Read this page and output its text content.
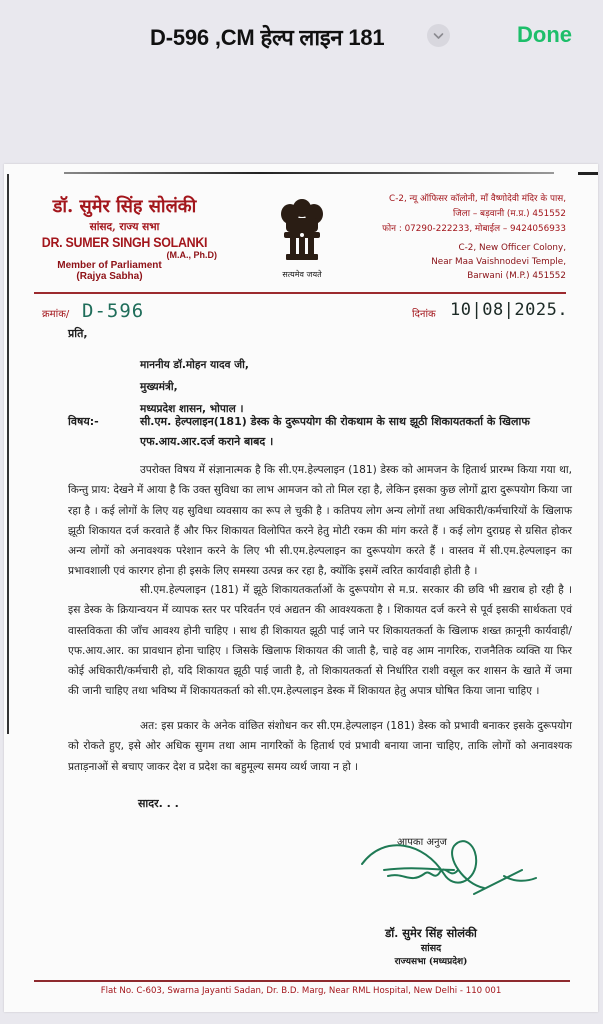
D-596 ,CM हेल्प लाइन 181	Done
डॉ. सुमेर सिंह सोलंकी
सांसद, राज्य सभा
DR. SUMER SINGH SOLANKI
(M.A., Ph.D)
Member of Parliament
(Rajya Sabha)	सत्यमेव जयते
C-2, न्यू ऑफिसर कॉलोनी, माँ वैष्णोदेवी मंदिर के पास,
जिला – बड़वानी (म.प्र.) 451552
फोन : 07290-222233, मोबाईल – 9424056933
C-2, New Officer Colony,
Near Maa Vaishnodevi Temple,
Barwani (M.P.) 451552
क्रमांक/ D-596	दिनांक 10|08|2025.
प्रति,
माननीय डॉ.मोहन यादव जी,
मुख्यमंत्री,
मध्यप्रदेश शासन, भोपाल ।
विषय:-	सी.एम. हेल्पलाइन(181) डेस्क के दुरूपयोग की रोकथाम के साथ झूठी शिकायतकर्ता के खिलाफ एफ.आय.आर.दर्ज कराने बाबद ।

उपरोक्त विषय में संज्ञानात्मक है कि सी.एम.हेल्पलाइन (181) डेस्क को आमजन के हितार्थ प्रारम्भ किया गया था, किन्तु प्राय: देखने में आया है कि उक्त सुविधा का लाभ आमजन को तो मिल रहा है, लेकिन इसका कुछ लोगों द्वारा दुरूपयोग किया जा रहा है । कई लोगों के लिए यह सुविधा व्यवसाय का रूप ले चुकी है । कतिपय लोग अन्य लोगों तथा अधिकारी/कर्मचारियों के खिलाफ झूठी शिकायत दर्ज करवाते हैं और फिर शिकायत विलोपित करने हेतु मोटी रकम की मांग करते हैं । कई लोग दुराग्रह से ग्रसित होकर अन्य लोगों को अनावश्यक परेशान करने के लिए भी सी.एम.हेल्पलाइन का दुरूपयोग करते हैं । वास्तव में सी.एम.हेल्पलाइन का प्रभावशाली एवं कारगर होना ही इसके लिए समस्या उत्पन्न कर रहा है, क्योंकि इसमें त्वरित कार्यवाही होती है ।

सी.एम.हेल्पलाइन (181) में झूठे शिकायतकर्ताओं के दुरूपयोग से म.प्र. सरकार की छवि भी ख़राब हो रही है । इस डेस्क के क्रियान्वयन में व्यापक स्तर पर परिवर्तन एवं अद्यतन की आवश्यकता है । शिकायत दर्ज करने से पूर्व इसकी सार्थकता एवं वास्तविकता की जाँच आवश्य होनी चाहिए । साथ ही शिकायत झूठी पाई जाने पर शिकायतकर्ता के खिलाफ शख्त क़ानूनी कार्यवाही/एफ.आय.आर. का प्रावधान होना चाहिए । जिसके खिलाफ शिकायत की जाती है, चाहे वह आम नागरिक, राजनैतिक व्यक्ति या फिर कोई अधिकारी/कर्मचारी हो, यदि शिकायत झूठी पाई जाती है, तो शिकायतकर्ता से निर्धारित राशी वसूल कर शासन के खाते में जमा की जानी चाहिए तथा भविष्य में शिकायतकर्ता को सी.एम.हेल्पलाइन डेस्क में शिकायत हेतु अपात्र घोषित किया जाना चाहिए ।

अत: इस प्रकार के अनेक वांछित संशोधन कर सी.एम.हेल्पलाइन (181) डेस्क को प्रभावी बनाकर इसके दुरूपयोग को रोकते हुए, इसे ओर अधिक सुगम तथा आम नागरिकों के हितार्थ एवं प्रभावी बनाया जाना चाहिए, ताकि लोगों को अनावश्यक प्रताड़नाओं से बचाए जाकर देश व प्रदेश का बहुमूल्य समय व्यर्थ जाया न हो ।

सादर. . .
आपका अनुज
डॉ. सुमेर सिंह सोलंकी
सांसद
राज्यसभा (मध्यप्रदेश)
Flat No. C-603, Swarna Jayanti Sadan, Dr. B.D. Marg, Near RML Hospital, New Delhi - 110 001
